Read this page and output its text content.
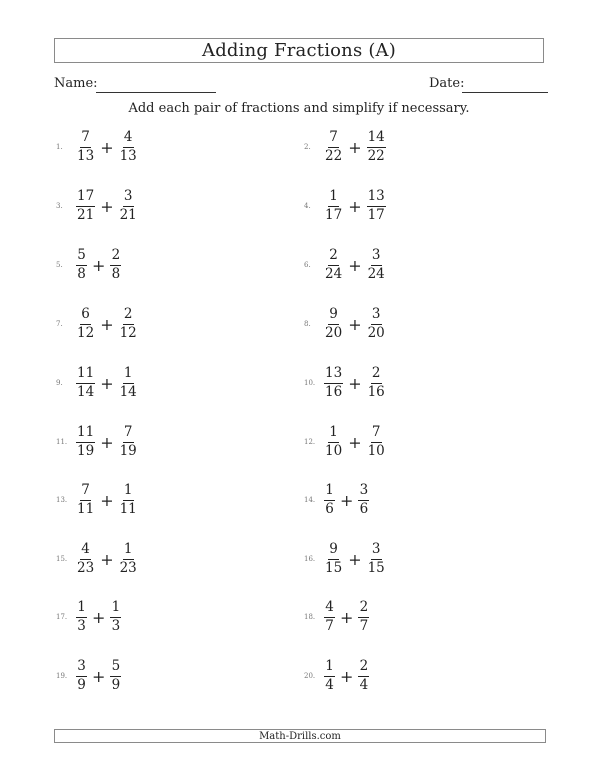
Adding Fractions (A)
Name:	Date:
Add each pair of fractions and simplify if necessary.
1. $\frac{7}{13} + \frac{4}{13}$	2. $\frac{7}{22} + \frac{14}{22}$
3. $\frac{17}{21} + \frac{3}{21}$	4. $\frac{1}{17} + \frac{13}{17}$
5. $\frac{5}{8} + \frac{2}{8}$	6. $\frac{2}{24} + \frac{3}{24}$
7. $\frac{6}{12} + \frac{2}{12}$	8. $\frac{9}{20} + \frac{3}{20}$
9. $\frac{11}{14} + \frac{1}{14}$	10. $\frac{13}{16} + \frac{2}{16}$
11. $\frac{11}{19} + \frac{7}{19}$	12. $\frac{1}{10} + \frac{7}{10}$
13. $\frac{7}{11} + \frac{1}{11}$	14. $\frac{1}{6} + \frac{3}{6}$
15. $\frac{4}{23} + \frac{1}{23}$	16. $\frac{9}{15} + \frac{3}{15}$
17. $\frac{1}{3} + \frac{1}{3}$	18. $\frac{4}{7} + \frac{2}{7}$
19. $\frac{3}{9} + \frac{5}{9}$	20. $\frac{1}{4} + \frac{2}{4}$
Math-Drills.com
